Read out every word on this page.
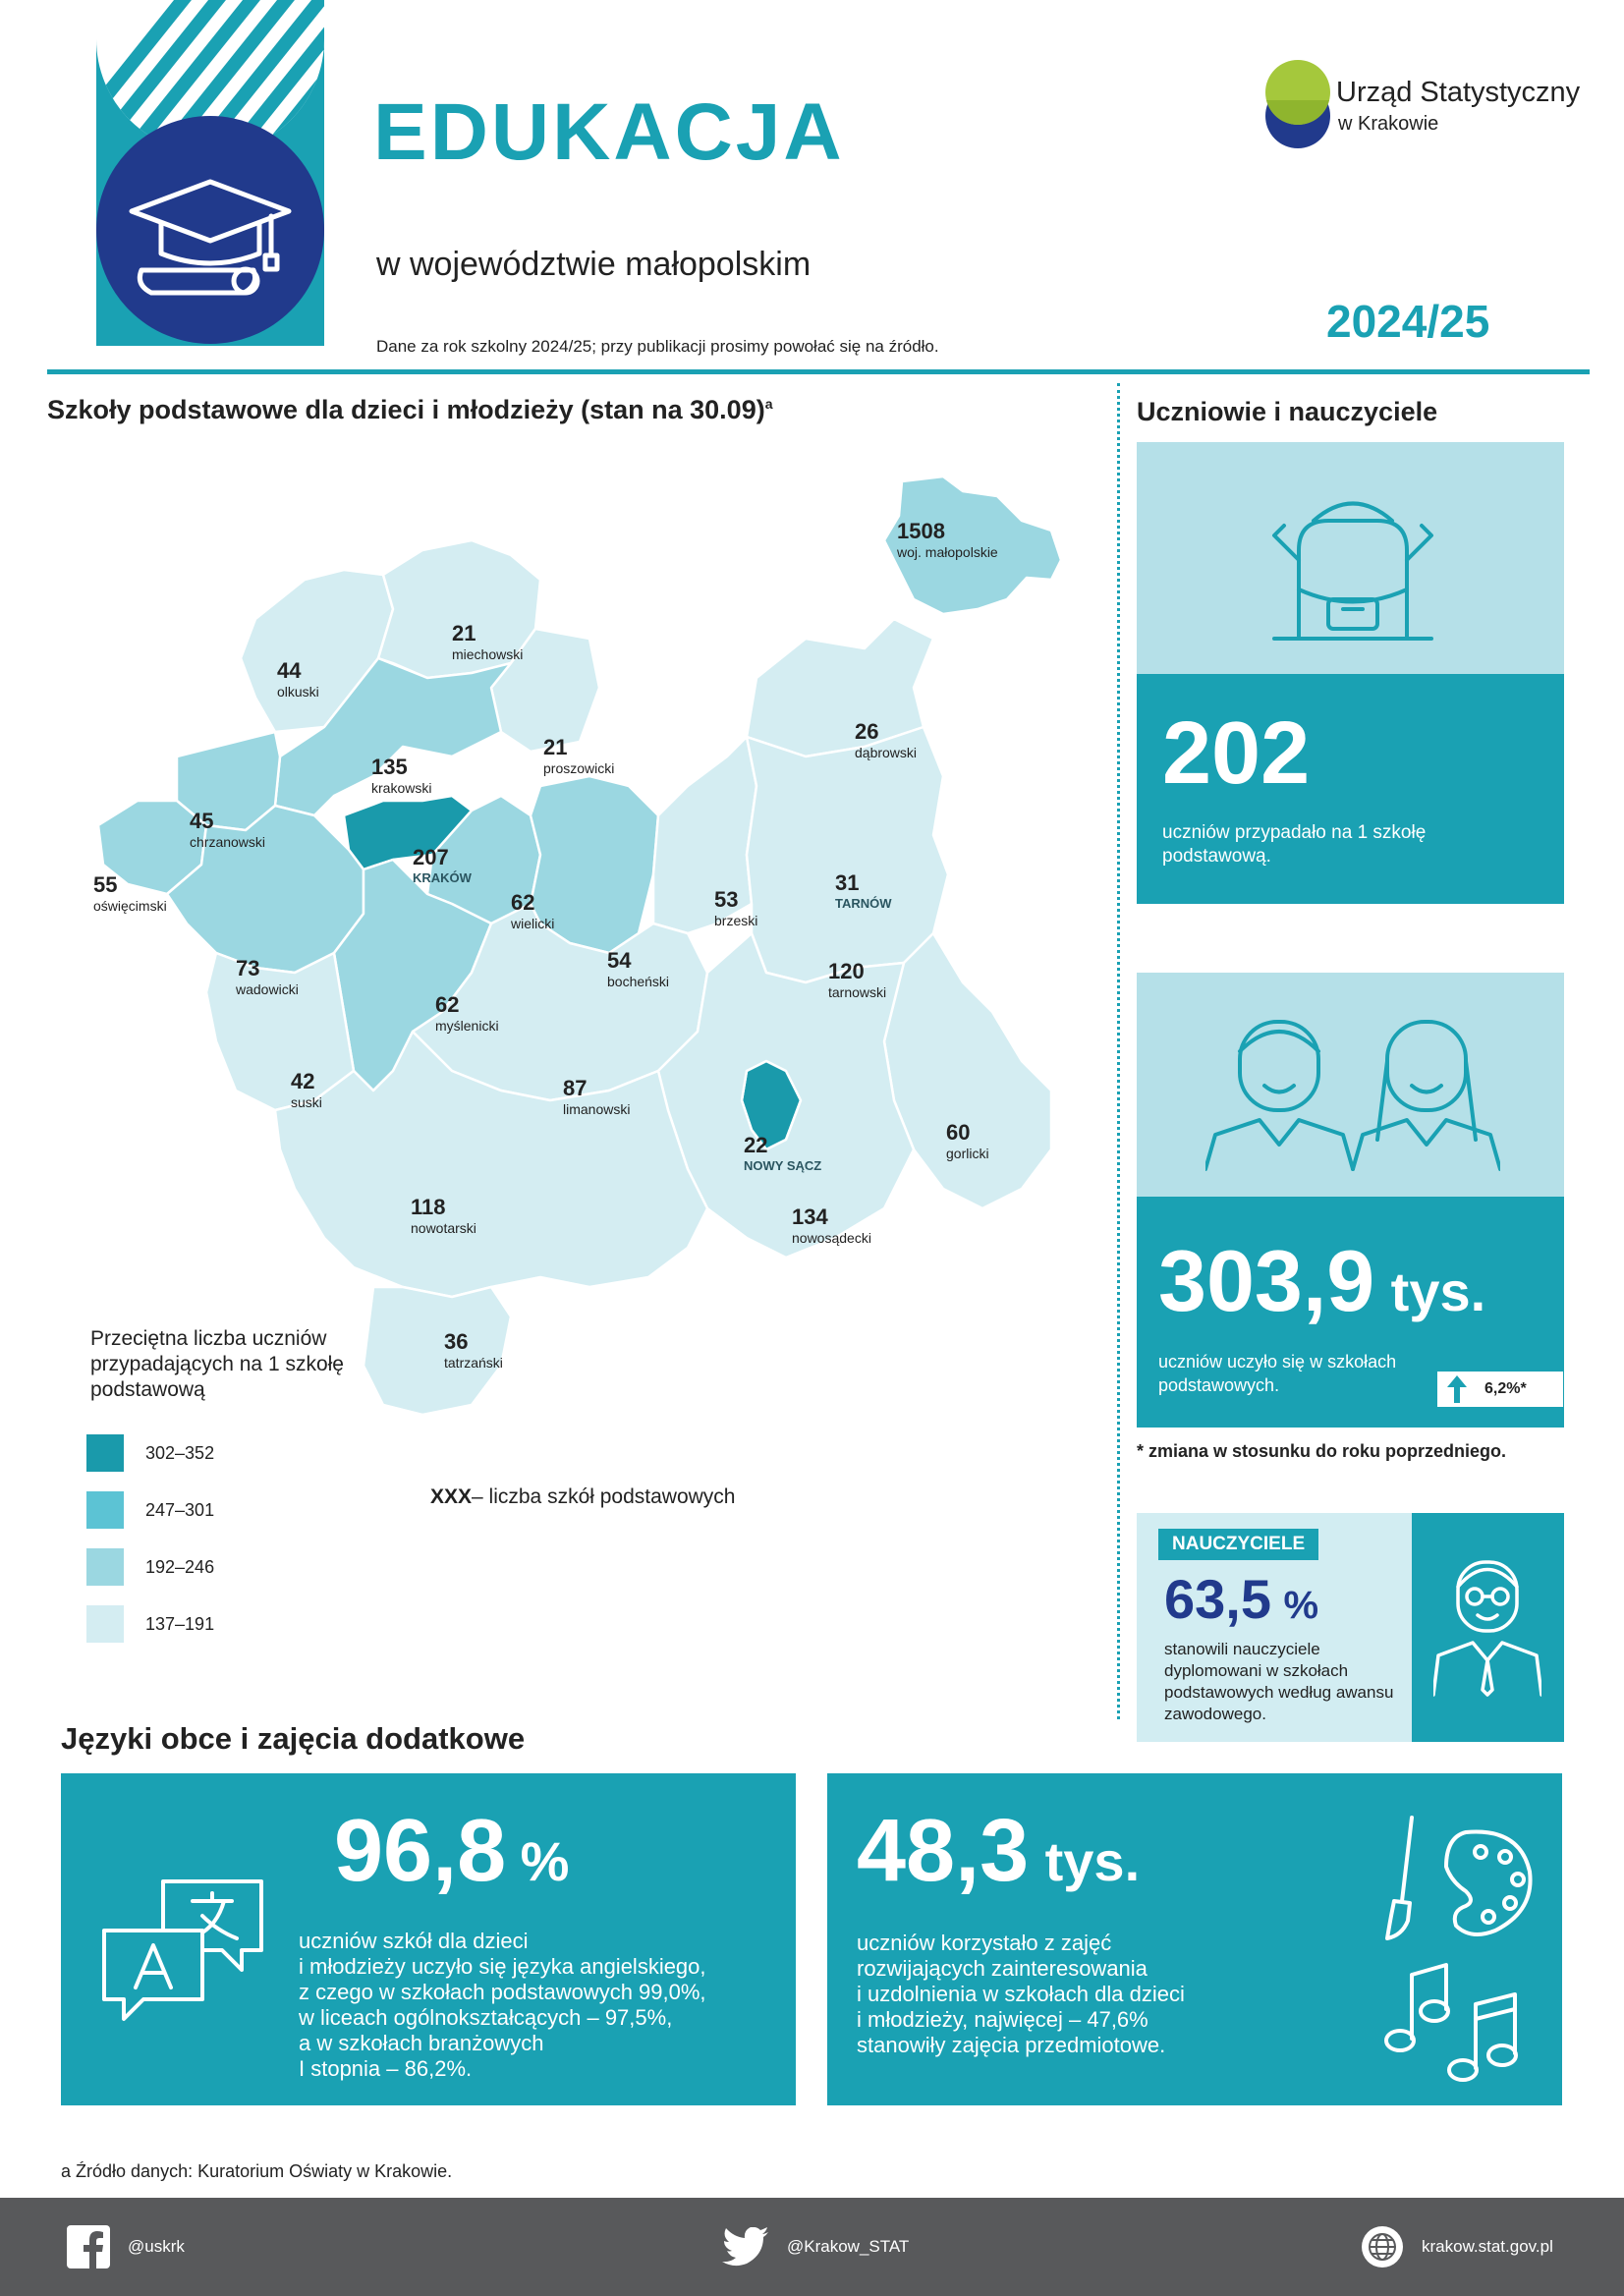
EDUKACJA
w województwie małopolskim
Dane za rok szkolny 2024/25; przy publikacji prosimy powołać się na źródło.	2024/25
Urząd Statystyczny
w Krakowie
Szkoły podstawowe dla dzieci i młodzieży (stan na 30.09)$^a$
1508
woj. małopolskie
44
olkuski
21
miechowski
21
proszowicki
26
dąbrowski
135
krakowski
45
chrzanowski
55
oświęcimski
207
KRAKÓW
62
wielicki
53
brzeski
31
TARNÓW
73
wadowicki
54
bocheński	120
tarnowski
62
myślenicki
42
suski
87
limanowski
22
NOWY SĄCZ
60
gorlicki
118
nowotarski	134
nowosądecki
36
tatrzański
Przeciętna liczba uczniów przypadających na 1 szkołę podstawową
302–352
247–301
192–246
137–191
XXX– liczba szkół podstawowych
Uczniowie i nauczyciele
202
uczniów przypadało na 1 szkołę podstawową.
303,9 tys.
uczniów uczyło się w szkołach podstawowych.	6,2%*
* zmiana w stosunku do roku poprzedniego.
NAUCZYCIELE
63,5 %
stanowili nauczyciele dyplomowani w szkołach podstawowych według awansu zawodowego.
Języki obce i zajęcia dodatkowe
96,8 %
uczniów szkół dla dzieci
i młodzieży uczyło się języka angielskiego,
z czego w szkołach podstawowych 99,0%,
w liceach ogólnokształcących – 97,5%,
a w szkołach branżowych
I stopnia – 86,2%.
48,3 tys.
uczniów korzystało z zajęć
rozwijających zainteresowania
i uzdolnienia w szkołach dla dzieci
i młodzieży, najwięcej – 47,6%
stanowiły zajęcia przedmiotowe.
a Źródło danych: Kuratorium Oświaty w Krakowie.
@uskrk	@Krakow_STAT	krakow.stat.gov.pl
